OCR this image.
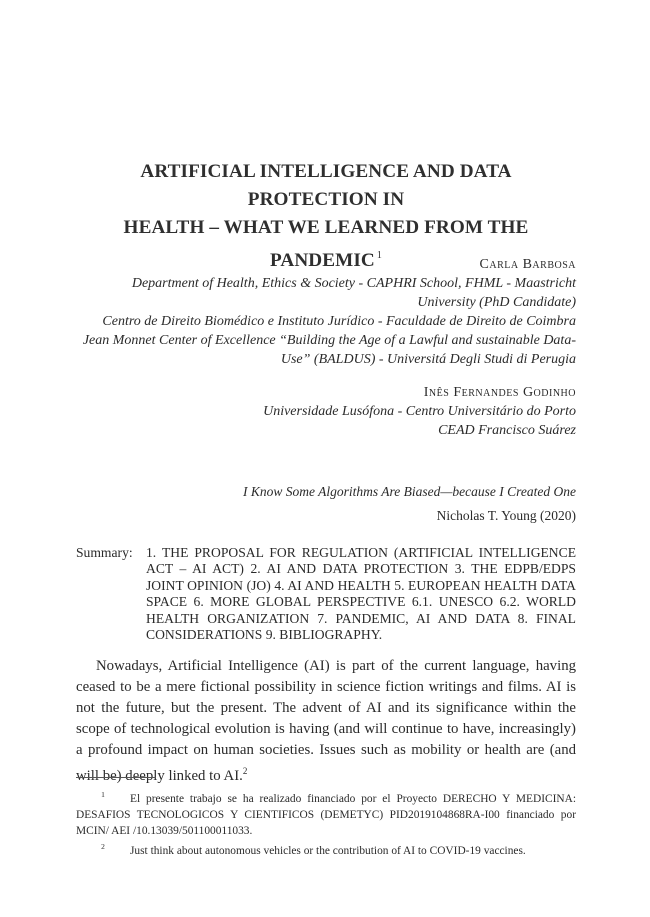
ARTIFICIAL INTELLIGENCE AND DATA PROTECTION IN
HEALTH – WHAT WE LEARNED FROM THE PANDEMIC $^1$
Carla Barbosa
Department of Health, Ethics & Society - CAPHRI School, FHML - Maastricht
University (PhD Candidate)
Centro de Direito Biomédico e Instituto Jurídico - Faculdade de Direito de Coimbra
Jean Monnet Center of Excellence “Building the Age of a Lawful and sustainable Data-
Use” (BALDUS) - Universitá Degli Studi di Perugia
Inês Fernandes Godinho
Universidade Lusófona - Centro Universitário do Porto
CEAD Francisco Suárez
I Know Some Algorithms Are Biased—because I Created One
Nicholas T. Young (2020)
Summary: 1. THE PROPOSAL FOR REGULATION (ARTIFICIAL INTELLIGENCE ACT – AI ACT) 2. AI AND DATA PROTECTION 3. THE EDPB/EDPS JOINT OPINION (JO) 4. AI AND HEALTH 5. EUROPEAN HEALTH DATA SPACE 6. MORE GLOBAL PERSPECTIVE 6.1. UNESCO 6.2. WORLD HEALTH ORGANIZATION 7. PANDEMIC, AI AND DATA 8. FINAL CONSIDERATIONS 9. BIBLIOGRAPHY.

Nowadays, Artificial Intelligence (AI) is part of the current language, having ceased to be a mere fictional possibility in science fiction writings and films. AI is not the future, but the present. The advent of AI and its significance within the scope of technological evolution is having (and will continue to have, increasingly) a profound impact on human societies. Issues such as mobility or health are (and will be) deeply linked to AI.$^2$

1 El presente trabajo se ha realizado financiado por el Proyecto DERECHO Y MEDICINA: DESAFIOS TECNOLOGICOS Y CIENTIFICOS (DEMETYC) PID2019104868RA-I00 financiado por MCIN/ AEI /10.13039/501100011033.

2 Just think about autonomous vehicles or the contribution of AI to COVID-19 vaccines.
